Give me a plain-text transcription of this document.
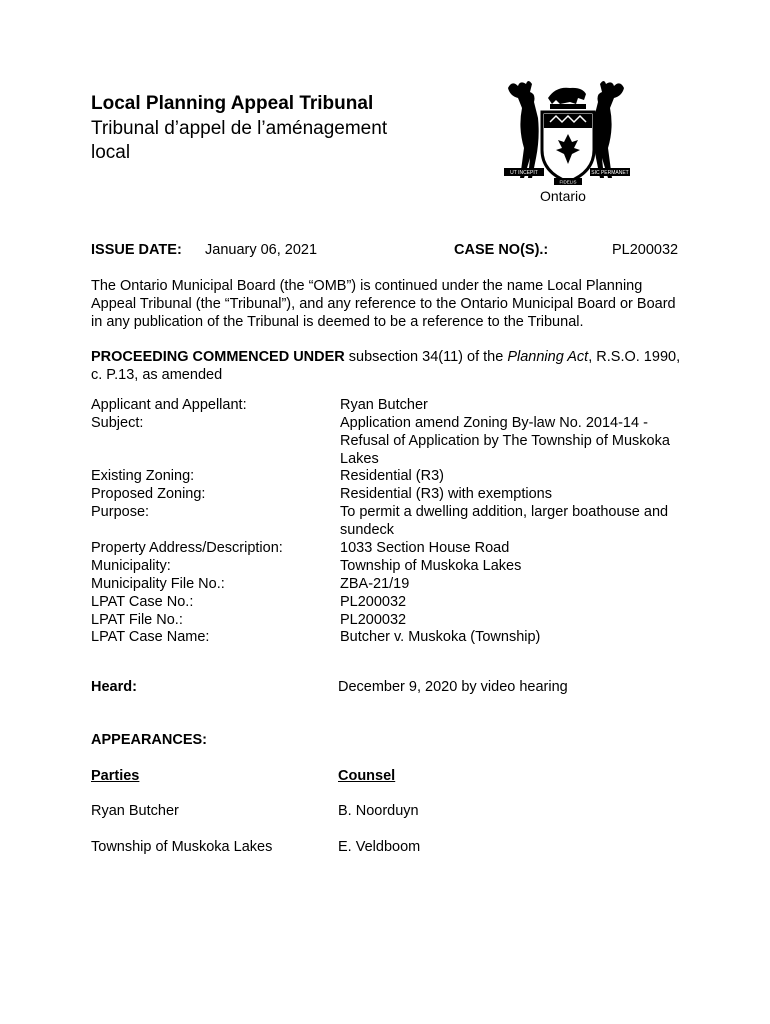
Local Planning Appeal Tribunal
Tribunal d’appel de l’aménagement local
UT INCEPIT	SIC PERMANET
FIDELIS
Ontario
ISSUE DATE: January 06, 2021	CASE NO(S).:	PL200032
The Ontario Municipal Board (the “OMB”) is continued under the name Local Planning Appeal Tribunal (the “Tribunal”), and any reference to the Ontario Municipal Board or Board in any publication of the Tribunal is deemed to be a reference to the Tribunal.
PROCEEDING COMMENCED UNDER subsection 34(11) of the Planning Act, R.S.O. 1990, c. P.13, as amended
Applicant and Appellant:	Ryan Butcher
Subject:	Application amend Zoning By-law No. 2014-14 - Refusal of Application by The Township of Muskoka Lakes
Existing Zoning:	Residential (R3)
Proposed Zoning:	Residential (R3) with exemptions
Purpose:	To permit a dwelling addition, larger boathouse and sundeck
Property Address/Description:	1033 Section House Road
Municipality:	Township of Muskoka Lakes
Municipality File No.:	ZBA-21/19
LPAT Case No.:	PL200032
LPAT File No.:	PL200032
LPAT Case Name:	Butcher v. Muskoka (Township)
Heard:	December 9, 2020 by video hearing
APPEARANCES:
Parties	Counsel
Ryan Butcher	B. Noorduyn
Township of Muskoka Lakes	E. Veldboom
